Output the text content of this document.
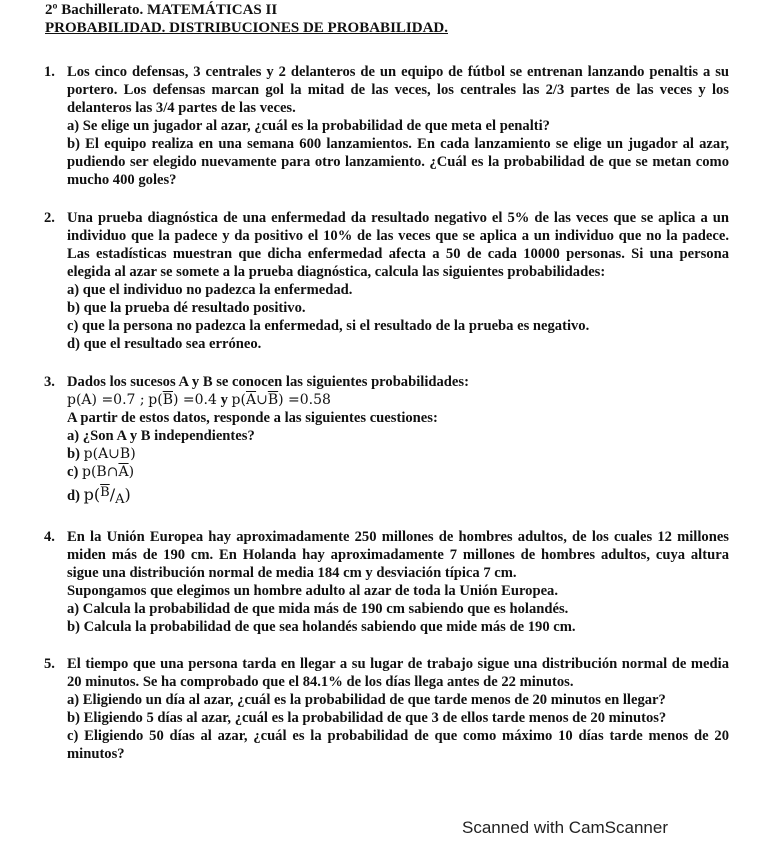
2º Bachillerato. MATEMÁTICAS II
PROBABILIDAD. DISTRIBUCIONES DE PROBABILIDAD.
1. Los cinco defensas, 3 centrales y 2 delanteros de un equipo de fútbol se entrenan lanzando penaltis a su portero. Los defensas marcan gol la mitad de las veces, los centrales las 2/3 partes de las veces y los delanteros las 3/4 partes de las veces.
a) Se elige un jugador al azar, ¿cuál es la probabilidad de que meta el penalti?
b) El equipo realiza en una semana 600 lanzamientos. En cada lanzamiento se elige un jugador al azar, pudiendo ser elegido nuevamente para otro lanzamiento. ¿Cuál es la probabilidad de que se metan como mucho 400 goles?
2. Una prueba diagnóstica de una enfermedad da resultado negativo el 5% de las veces que se aplica a un individuo que la padece y da positivo el 10% de las veces que se aplica a un individuo que no la padece. Las estadísticas muestran que dicha enfermedad afecta a 50 de cada 10000 personas. Si una persona elegida al azar se somete a la prueba diagnóstica, calcula las siguientes probabilidades:
a) que el individuo no padezca la enfermedad.
b) que la prueba dé resultado positivo.
c) que la persona no padezca la enfermedad, si el resultado de la prueba es negativo.
d) que el resultado sea erróneo.
3. Dados los sucesos A y B se conocen las siguientes probabilidades:
p(A) =0.7 ; $p(\overline{B}) =0.4$ y $p(\overline{A}\cup\overline{B}) =0.58$
A partir de estos datos, responde a las siguientes cuestiones:
a) ¿Son A y B independientes?
b) p(A∪B)
c) $p(B\cap\overline{A})$
d) $p(\overline{B}/A)$
4. En la Unión Europea hay aproximadamente 250 millones de hombres adultos, de los cuales 12 millones miden más de 190 cm. En Holanda hay aproximadamente 7 millones de hombres adultos, cuya altura sigue una distribución normal de media 184 cm y desviación típica 7 cm.
Supongamos que elegimos un hombre adulto al azar de toda la Unión Europea.
a) Calcula la probabilidad de que mida más de 190 cm sabiendo que es holandés.
b) Calcula la probabilidad de que sea holandés sabiendo que mide más de 190 cm.
5. El tiempo que una persona tarda en llegar a su lugar de trabajo sigue una distribución normal de media 20 minutos. Se ha comprobado que el 84.1% de los días llega antes de 22 minutos.
a) Eligiendo un día al azar, ¿cuál es la probabilidad de que tarde menos de 20 minutos en llegar?
b) Eligiendo 5 días al azar, ¿cuál es la probabilidad de que 3 de ellos tarde menos de 20 minutos?
c) Eligiendo 50 días al azar, ¿cuál es la probabilidad de que como máximo 10 días tarde menos de 20 minutos?
Scanned with CamScanner
